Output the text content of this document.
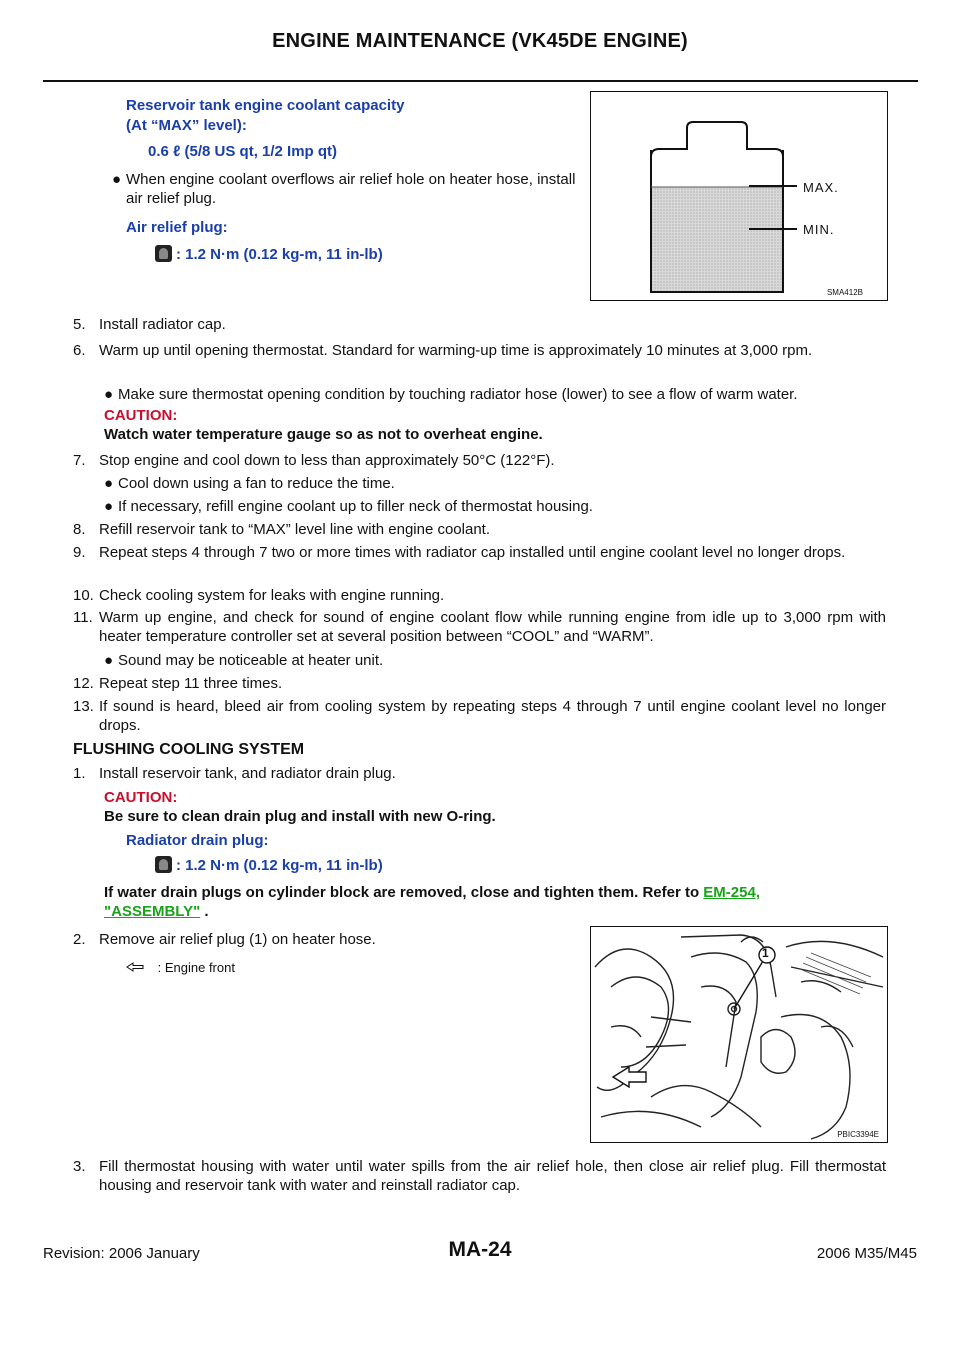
ENGINE MAINTENANCE (VK45DE ENGINE)
Reservoir tank engine coolant capacity
(At “MAX” level):
0.6 ℓ (5/8 US qt, 1/2 Imp qt)
● When engine coolant overflows air relief hole on heater hose, install air relief plug.
Air relief plug:
: 1.2 N·m (0.12 kg-m, 11 in-lb)
MAX.
MIN.
SMA412B
5. Install radiator cap.
6. Warm up until opening thermostat. Standard for warming-up time is approximately 10 minutes at 3,000 rpm.
● Make sure thermostat opening condition by touching radiator hose (lower) to see a flow of warm water.
CAUTION:
Watch water temperature gauge so as not to overheat engine.
7. Stop engine and cool down to less than approximately 50°C (122°F).
● Cool down using a fan to reduce the time.
● If necessary, refill engine coolant up to filler neck of thermostat housing.
8. Refill reservoir tank to “MAX” level line with engine coolant.
9. Repeat steps 4 through 7 two or more times with radiator cap installed until engine coolant level no longer drops.
10. Check cooling system for leaks with engine running.
11. Warm up engine, and check for sound of engine coolant flow while running engine from idle up to 3,000 rpm with heater temperature controller set at several position between “COOL” and “WARM”.
● Sound may be noticeable at heater unit.
12. Repeat step 11 three times.
13. If sound is heard, bleed air from cooling system by repeating steps 4 through 7 until engine coolant level no longer drops.
FLUSHING COOLING SYSTEM
1. Install reservoir tank, and radiator drain plug.
CAUTION:
Be sure to clean drain plug and install with new O-ring.
Radiator drain plug:
: 1.2 N·m (0.12 kg-m, 11 in-lb)
If water drain plugs on cylinder block are removed, close and tighten them. Refer to EM-254,
"ASSEMBLY" .
2. Remove air relief plug (1) on heater hose.
: Engine front
1
PBIC3394E
3. Fill thermostat housing with water until water spills from the air relief hole, then close air relief plug. Fill thermostat housing and reservoir tank with water and reinstall radiator cap.
Revision: 2006 January	MA-24	2006 M35/M45
